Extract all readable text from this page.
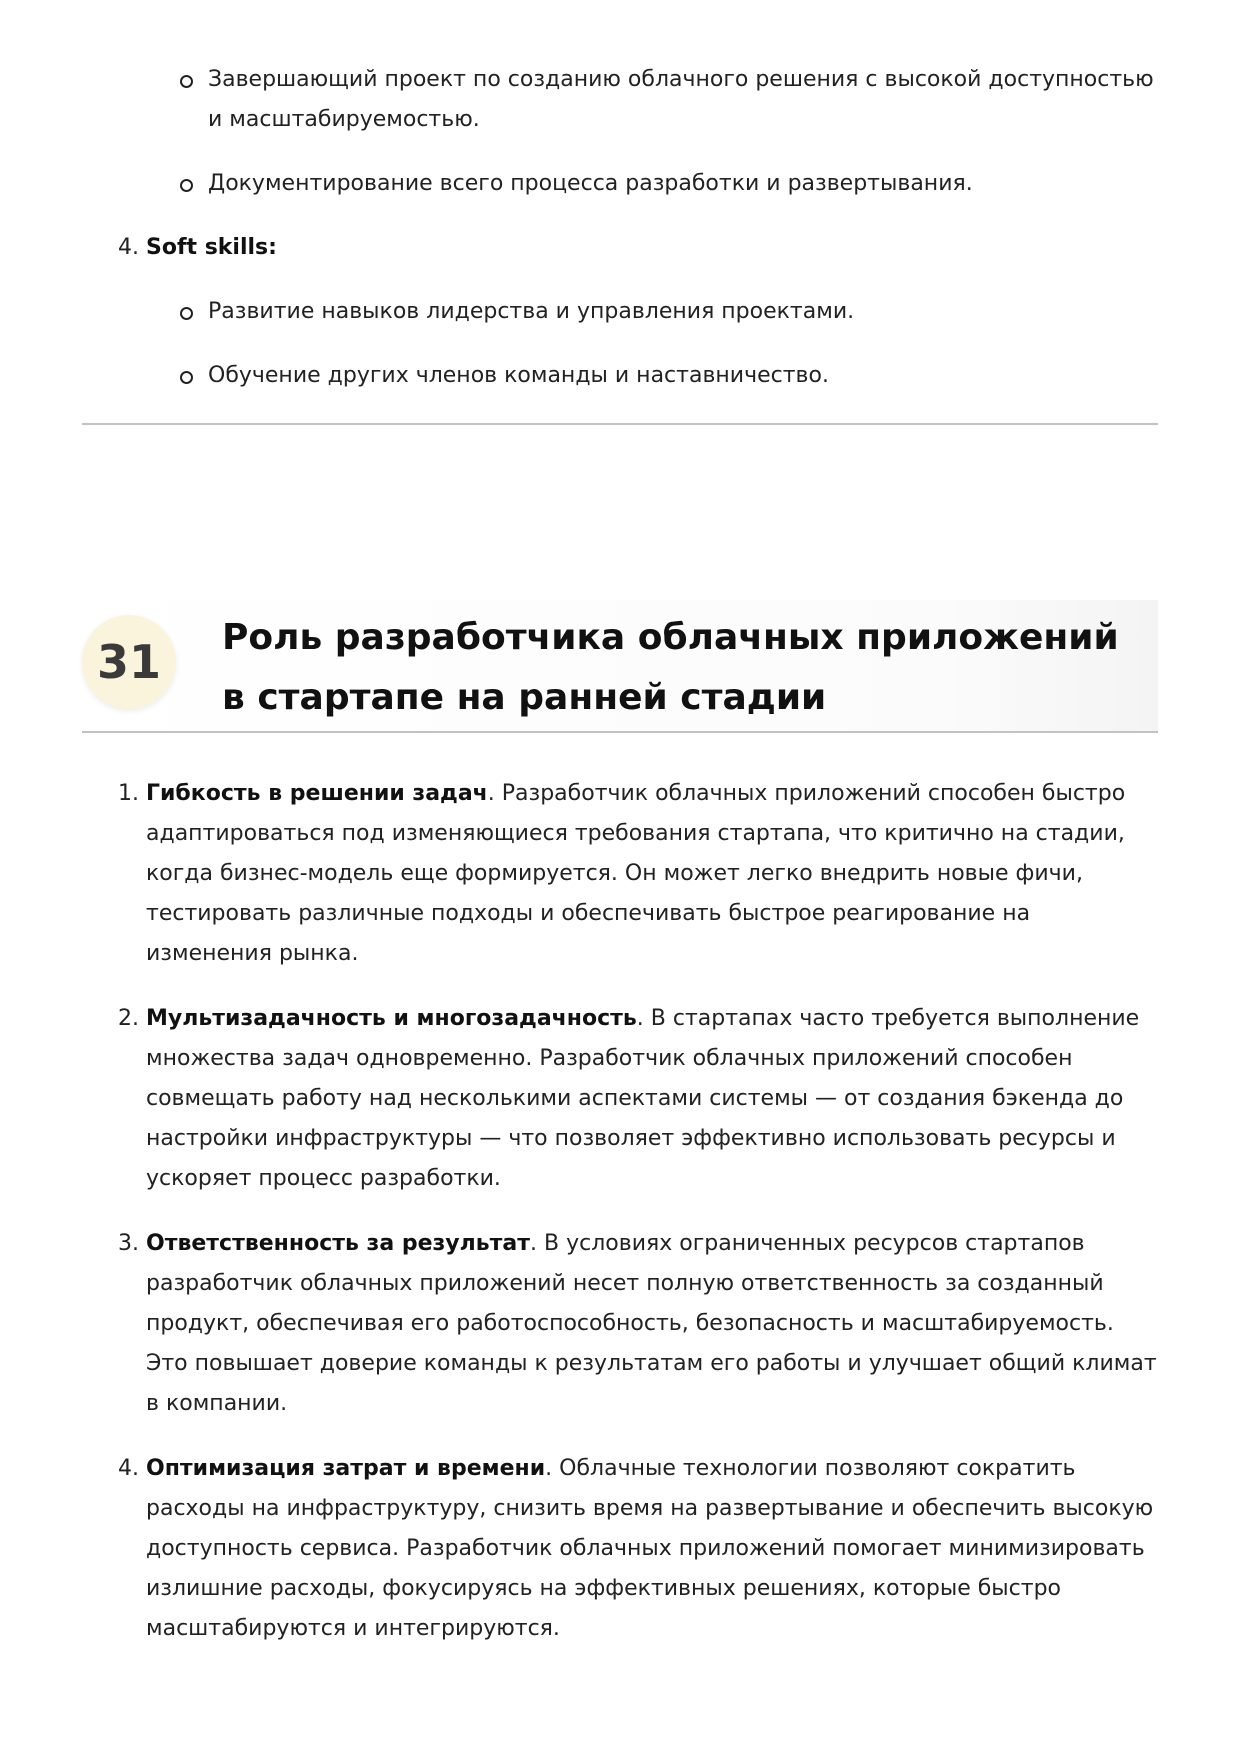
Завершающий проект по созданию облачного решения с высокой доступностью и масштабируемостью.
Документирование всего процесса разработки и развертывания.
4. Soft skills:
Развитие навыков лидерства и управления проектами.
Обучение других членов команды и наставничество.
31	Роль разработчика облачных приложений в стартапе на ранней стадии
1. Гибкость в решении задач. Разработчик облачных приложений способен быстро адаптироваться под изменяющиеся требования стартапа, что критично на стадии, когда бизнес-модель еще формируется. Он может легко внедрить новые фичи, тестировать различные подходы и обеспечивать быстрое реагирование на изменения рынка.
2. Мультизадачность и многозадачность. В стартапах часто требуется выполнение множества задач одновременно. Разработчик облачных приложений способен совмещать работу над несколькими аспектами системы — от создания бэкенда до настройки инфраструктуры — что позволяет эффективно использовать ресурсы и ускоряет процесс разработки.
3. Ответственность за результат. В условиях ограниченных ресурсов стартапов разработчик облачных приложений несет полную ответственность за созданный продукт, обеспечивая его работоспособность, безопасность и масштабируемость. Это повышает доверие команды к результатам его работы и улучшает общий климат в компании.
4. Оптимизация затрат и времени. Облачные технологии позволяют сократить расходы на инфраструктуру, снизить время на развертывание и обеспечить высокую доступность сервиса. Разработчик облачных приложений помогает минимизировать излишние расходы, фокусируясь на эффективных решениях, которые быстро масштабируются и интегрируются.
